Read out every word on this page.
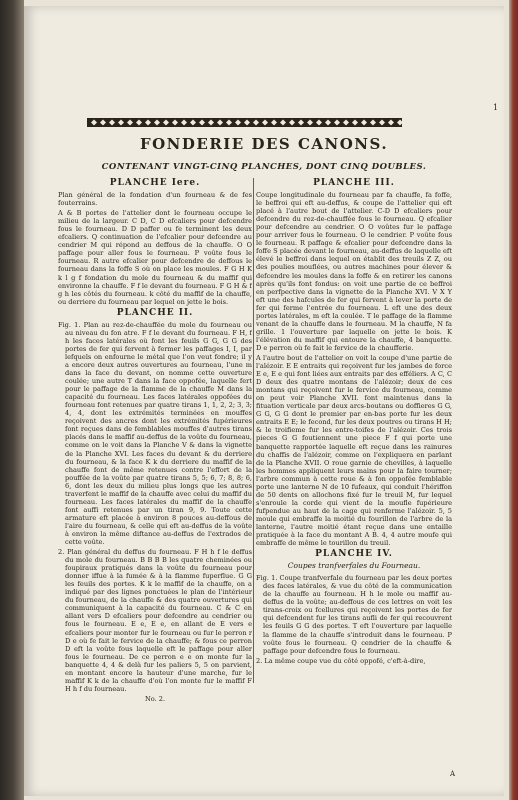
1
FONDERIE DES CANONS.
CONTENANT VINGT-CINQ PLANCHES, DONT CINQ DOUBLES.
PLANCHE Iere.

Plan général de la fondation d'un fourneau & de fes fouterrains.

A & B portes de l'attelier dont le fourneau occupe le milieu de la largeur. C D, C D efcaliers pour defcendre fous le fourneau. D D paffer ou fe terminent les deux efcaliers. Q continuation de l'efcalier pour defcendre au cendrier M qui répond au deffous de la chauffe. O O paffage pour aller fous le fourneau. P voûte fous le fourneau. R autre efcalier pour defcendre de deffous le fourneau dans la foffe S où on place les moules. F G H K k l g f fondation du mole du fourneau & du maffif qui environne la chauffe. F f le devant du fourneau. F G H & f g h les côtés du fourneau. k côté du maffif de la chauffe, ou derriere du fourneau par lequel on jette le bois.

PLANCHE II.

Fig. 1. Plan au rez-de-chauffée du mole du fourneau ou au niveau du fon atre. F f le devant du fourneau. F H, f h les faces latérales où font les feuils G G, G G des portes de fer qui fervent à fermer les paffages I, I, par lefquels on enfourne le métal que l'on veut fondre; il y a encore deux autres ouvertures au fourneau, l'une m dans la face du devant, on nomme cette ouverture coulée; une autre T dans la face oppofée, laquelle fert pour le paffage de la flamme de la chauffe M dans la capacité du fourneau. Les faces latérales oppofées du fourneau font retenues par quatre tirans 1, 1, 2, 2; 3, 3; 4, 4, dont les extrémités terminées en mouffes reçoivent des ancres dont les extrémités fupérieures font reçues dans de femblables mouffes d'autres tirans placés dans le maffif au-deffus de la voûte du fourneau, comme on le voit dans la Planche V & dans la vignette de la Planche XVI. Les faces du devant & du derriere du fourneau, & la face K k du derriere du maffif de la chauffe font de même retenues contre l'effort de la pouffée de la voûte par quatre tirans 5, 5; 6, 7; 8, 8; 6, 6, dont les deux du milieu plus longs que les autres traverfent le maffif de la chauffe avec celui du maffif du fourneau. Les faces latérales du maffif de la chauffe font auffi retenues par un tiran 9, 9. Toute cette armature eft placée à environ 8 pouces au-deffous de l'aire du fourneau, & celle qui eft au-deffus de la voûte à environ la même diftance au-deffus de l'extrados de cette voûte.

2. Plan général du deffus du fourneau. F H h f le deffus du mole du fourneau. B B B B les quatre cheminées ou foupiraux pratiqués dans la voûte du fourneau pour donner iffue à la fumée & à la flamme fuperflue. G G les feuils des portes. K k le maffif de la chauffe, on a indiqué par des lignes ponctuées le plan de l'intérieur du fourneau, de la chauffe & des quatre ouvertures qui communiquent à la capacité du fourneau. C & C en allant vers D efcaliers pour defcendre au cendrier ou fous le fourneau. E e, E e, en allant de E vers e efcaliers pour monter fur le fourneau ou fur le perron r D e où fe fait le fervice de la chauffe; & fous ce perron D eft la voûte fous laquelle eft le paffage pour aller fous le fourneau. De ce perron e e on monte fur la banquette 4, 4 & delà fur les paliers 5, 5 on parvient, en montant encore la hauteur d'une marche, fur le maffif K k de la chauffe d'où l'on monte fur le maffif F H h f du fourneau.

No. 2.

PLANCHE III.

Coupe longitudinale du fourneau par fa chauffe, fa foffe, le beffroi qui eft au-deffus, & coupe de l'attelier qui eft placé à l'autre bout de l'attelier. C-D D efcaliers pour defcendre du rez-de-chauffée fous le fourneau. Q efcalier pour defcendre au cendrier. O O voûtes fur le paffage pour arriver fous le fourneau. O le cendrier. P voûte fous le fourneau. R paffage & efcalier pour defcendre dans la foffe S placée devant le fourneau, au-deffus de laquelle eft élevé le beffroi dans lequel on établit des treuils Z Z, ou des poulies mouflées, ou autres machines pour élever & defcendre les moules dans la foffe & en retirer les canons après qu'ils font fondus: on voit une partie de ce beffroi en perfpective dans la vignette de la Planche XVI. V X Y eft une des hafcules de fer qui fervent à lever la porte de fer qui ferme l'entrée du fourneau. L eft une des deux portes latérales, m eft la coulée. T le paffage de la flamme venant de la chauffe dans le fourneau. M la chauffe, N fa grille. 1 l'ouverture par laquelle on jette le bois. K l'élévation du maffif qui entoure la chauffe, 4 banquette. D e perron où fe fait le fervice de la chaufferie.

A l'autre bout de l'attelier on voit la coupe d'une partie de l'alézoir. E E entraits qui reçoivent fur les jambes de force E e, E e qui font liées aux entraits par des efféliers. A C, C D deux des quatre montans de l'alézoir; deux de ces montans qui reçoivent fur le fervice du fourneau, comme on peut voir Planche XVII. font maintenus dans la fituation verticale par deux arcs-boutans ou doffieres G G, G G, G G dont le premier par en-bas porte fur les deux entraits E E; le fecond, fur les deux poutres ou tirans H H; & le troifieme fur les entre-toifes de l'alézoir. Ces trois pieces G G foutiennent une piece F f qui porte une banquette rapportée laquelle eft reçue dans les rainures du chaffis de l'alézoir, comme on l'expliquera en parlant de la Planche XVII. O roue garnie de chevilles, à laquelle les hommes appliquent leurs mains pour la faire tourner; l'arbre commun à cette roue & à fon oppofée femblable porte une lanterne N de 10 fufeaux, qui conduit l'hériffon de 50 dents on allochons fixé fur le treuil M, fur lequel s'enroule la corde qui vient de la moufle fupérieure fufpendue au haut de la cage qui renferme l'alézoir. 5, 5 moule qui embraffe la moitié du fourillon de l'arbre de la lanterne, l'autre moitié étant reçue dans une entaille pratiquée à la face du montant A B. 4, 4 autre moufe qui embraffe de même le tourillon du treuil.

PLANCHE IV.
Coupes tranfverfales du Fourneau.

Fig. 1. Coupe tranfverfale du fourneau par les deux portes des faces latérales, & vue du côté de la communication de la chauffe au fourneau. H h le mole ou maffif au-deffus de la voûte; au-deffous de ces lettres on voit les tirans-croix ou fcellures qui reçoivent les portes de fer qui defcendent fur les tirans aufli de fer qui recouvrent les feuils G G des portes. T eft l'ouverture par laquelle la flamme de la chauffe s'introduit dans le fourneau. P voûte fous le fourneau. Q cendrier de la chauffe & paffage pour defcendre fous le fourneau.

2. La même coupe vue du côté oppofé, c'eft-à-dire,

A
